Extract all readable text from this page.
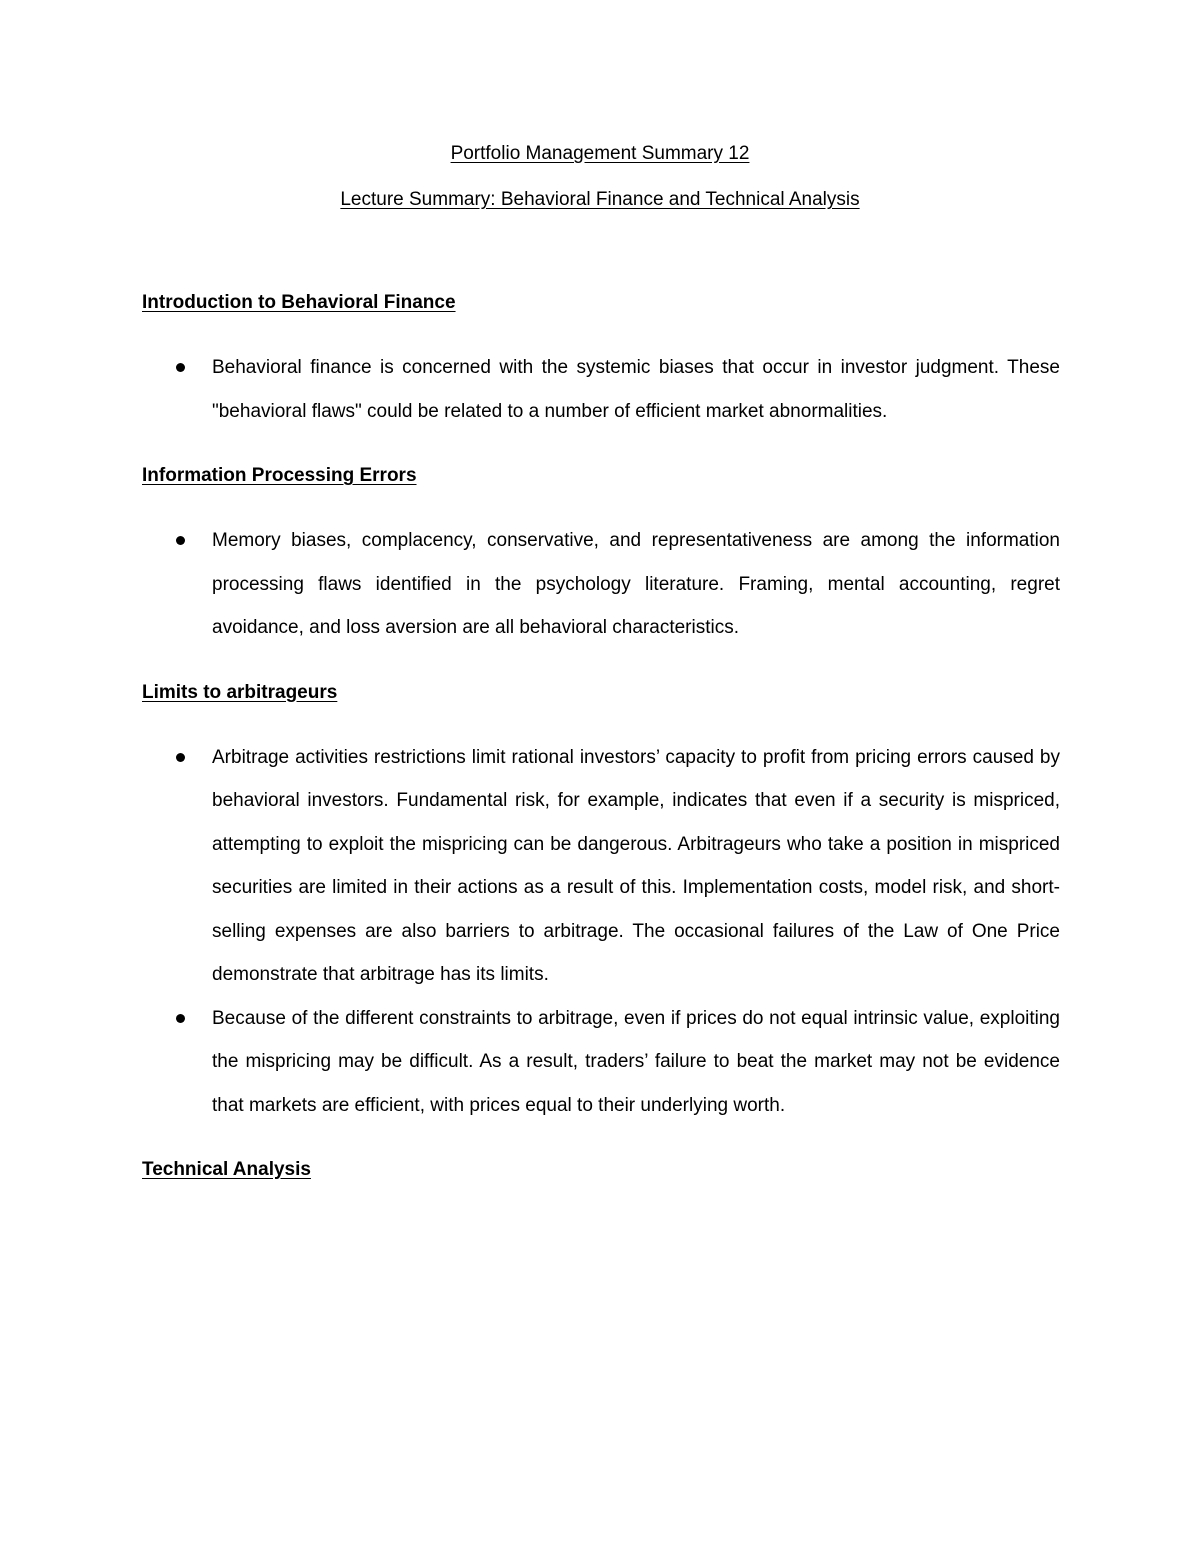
Portfolio Management Summary 12
Lecture Summary: Behavioral Finance and Technical Analysis
Introduction to Behavioral Finance
Behavioral finance is concerned with the systemic biases that occur in investor judgment. These "behavioral flaws" could be related to a number of efficient market abnormalities.
Information Processing Errors
Memory biases, complacency, conservative, and representativeness are among the information processing flaws identified in the psychology literature. Framing, mental accounting, regret avoidance, and loss aversion are all behavioral characteristics.
Limits to arbitrageurs
Arbitrage activities restrictions limit rational investors’ capacity to profit from pricing errors caused by behavioral investors. Fundamental risk, for example, indicates that even if a security is mispriced, attempting to exploit the mispricing can be dangerous. Arbitrageurs who take a position in mispriced securities are limited in their actions as a result of this. Implementation costs, model risk, and short-selling expenses are also barriers to arbitrage. The occasional failures of the Law of One Price demonstrate that arbitrage has its limits.
Because of the different constraints to arbitrage, even if prices do not equal intrinsic value, exploiting the mispricing may be difficult. As a result, traders’ failure to beat the market may not be evidence that markets are efficient, with prices equal to their underlying worth.
Technical Analysis
